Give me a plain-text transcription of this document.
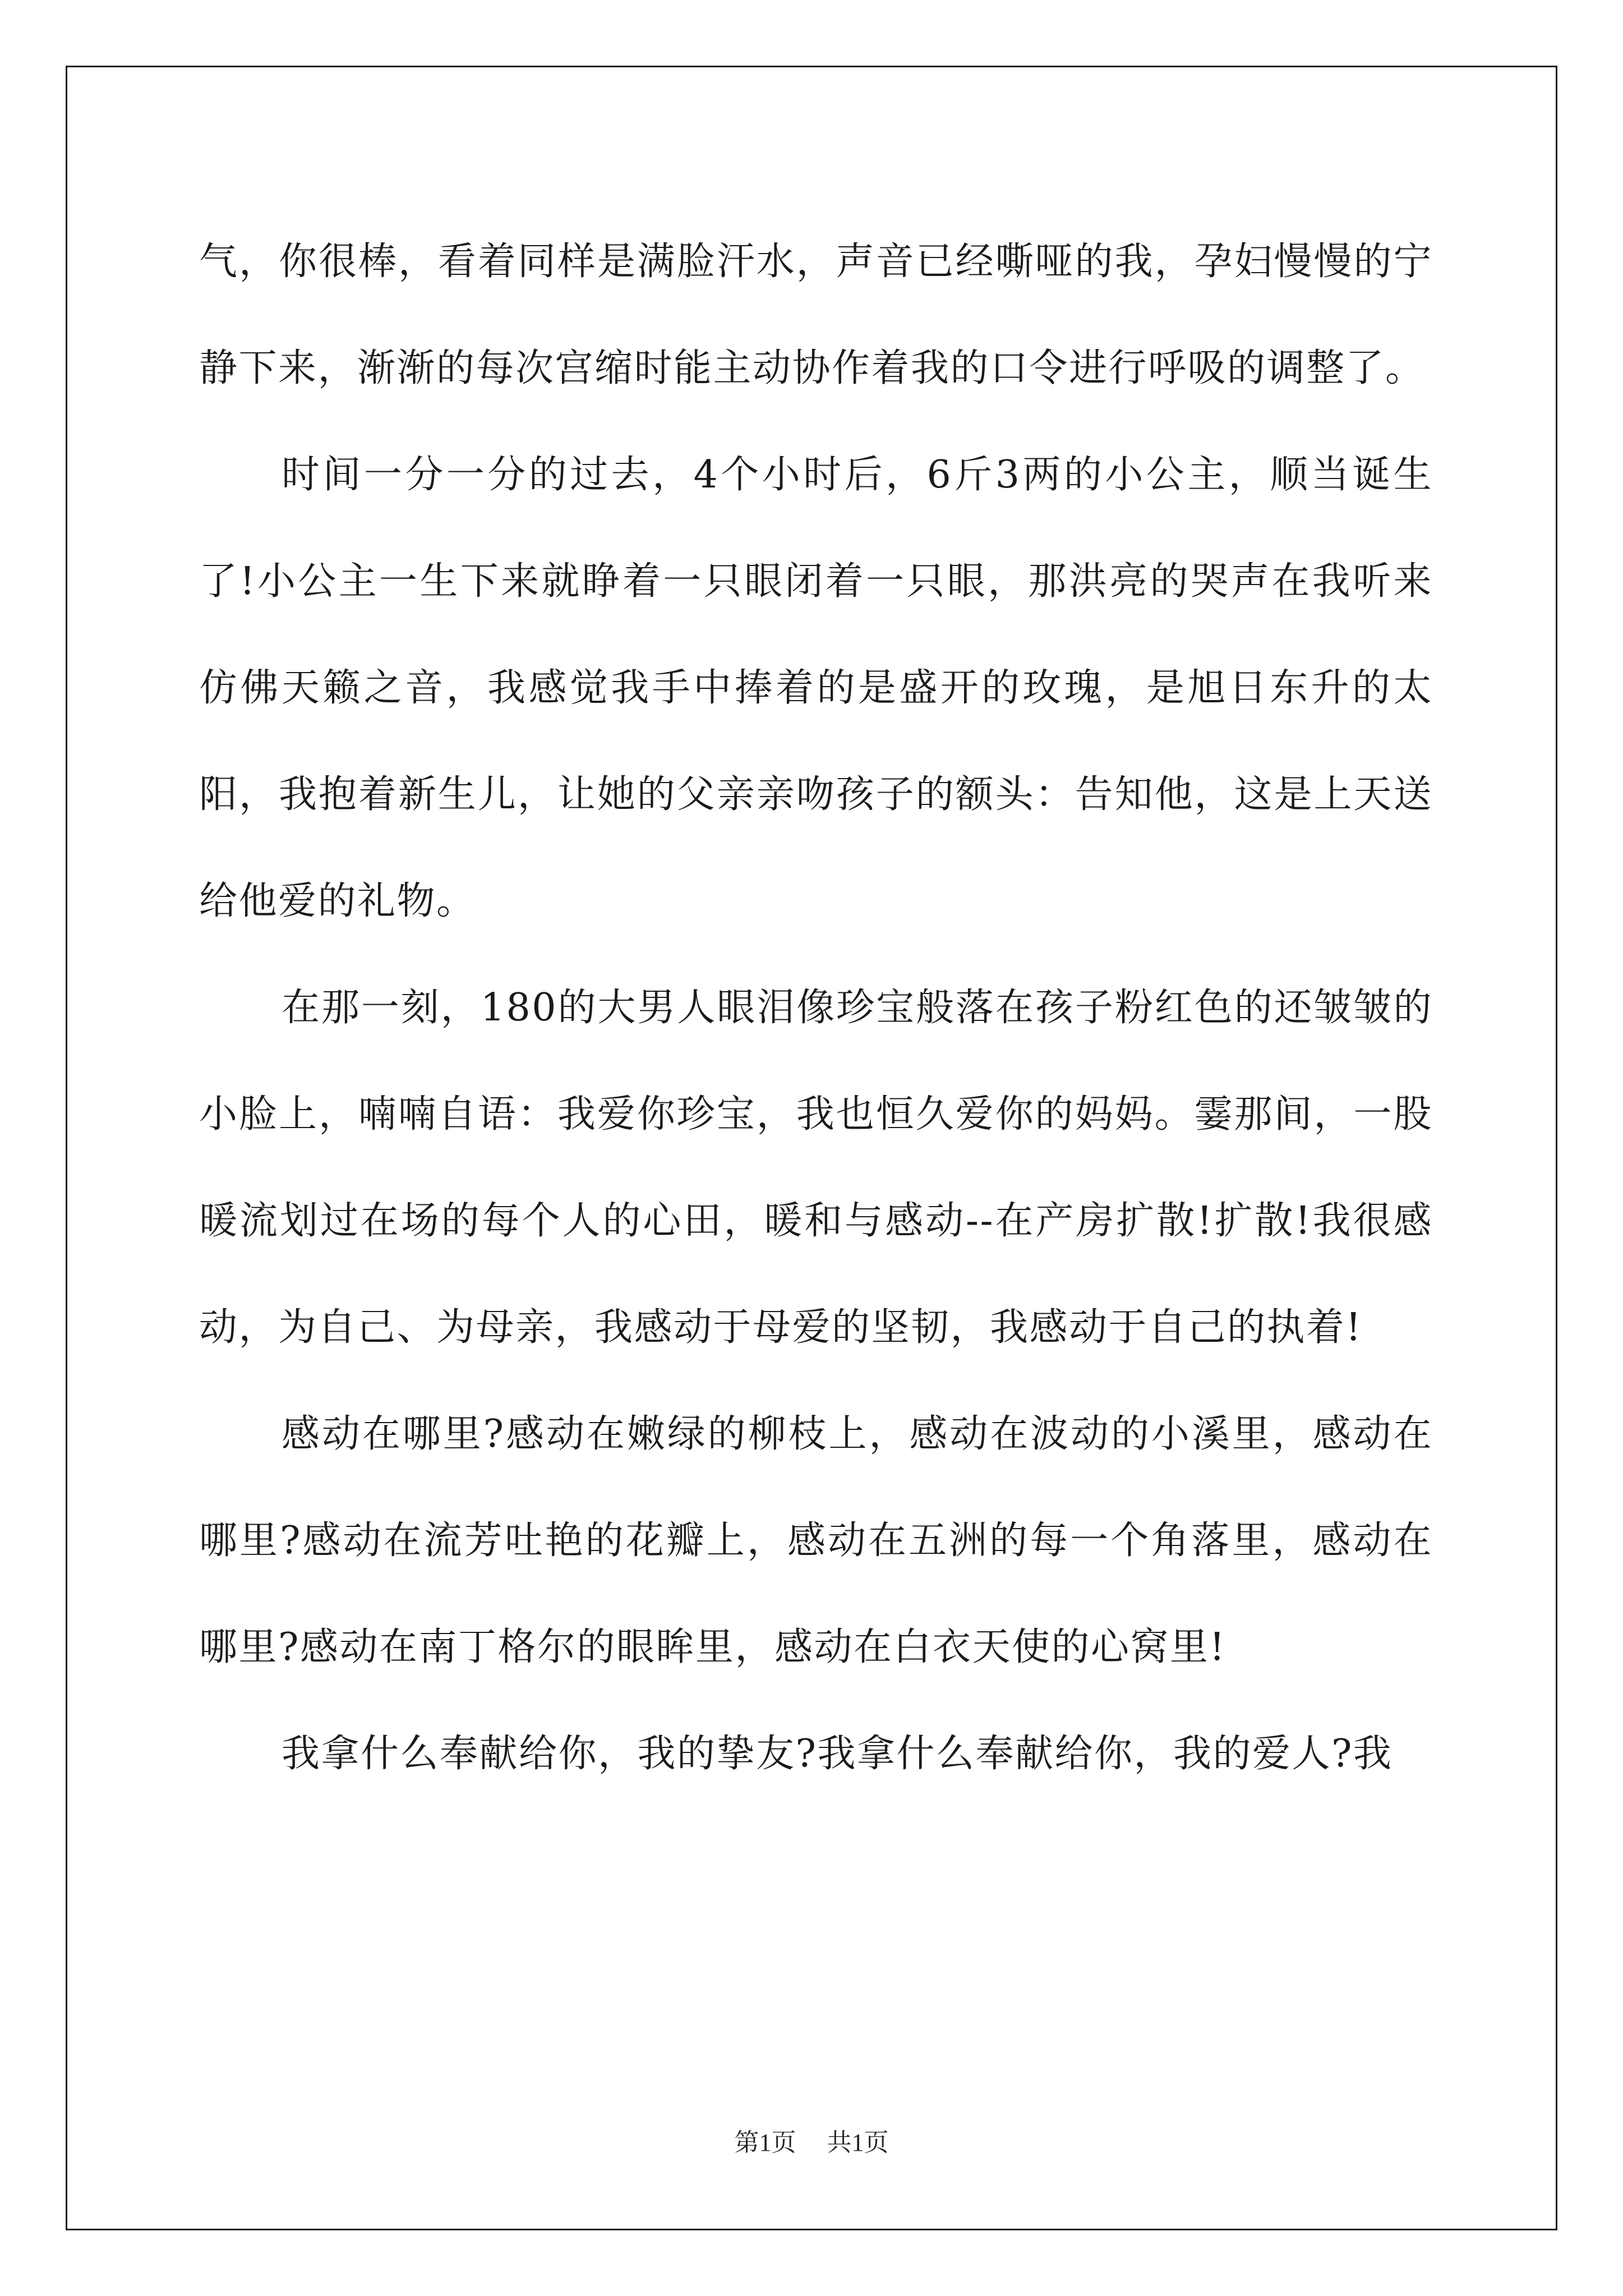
气，你很棒，看着同样是满脸汗水，声音已经嘶哑的我，孕妇慢慢的宁静下来，渐渐的每次宫缩时能主动协作着我的口令进行呼吸的调整了。

时间一分一分的过去，4个小时后，6斤3两的小公主，顺当诞生了!小公主一生下来就睁着一只眼闭着一只眼，那洪亮的哭声在我听来仿佛天籁之音，我感觉我手中捧着的是盛开的玫瑰，是旭日东升的太阳，我抱着新生儿，让她的父亲亲吻孩子的额头：告知他，这是上天送给他爱的礼物。

在那一刻，180的大男人眼泪像珍宝般落在孩子粉红色的还皱皱的小脸上，喃喃自语：我爱你珍宝，我也恒久爱你的妈妈。霎那间，一股暖流划过在场的每个人的心田，暖和与感动--在产房扩散!扩散!我很感动，为自己、为母亲，我感动于母爱的坚韧，我感动于自己的执着!

感动在哪里?感动在嫩绿的柳枝上，感动在波动的小溪里，感动在哪里?感动在流芳吐艳的花瓣上，感动在五洲的每一个角落里，感动在哪里?感动在南丁格尔的眼眸里，感动在白衣天使的心窝里!

我拿什么奉献给你，我的挚友?我拿什么奉献给你，我的爱人?我

第1页 共1页
